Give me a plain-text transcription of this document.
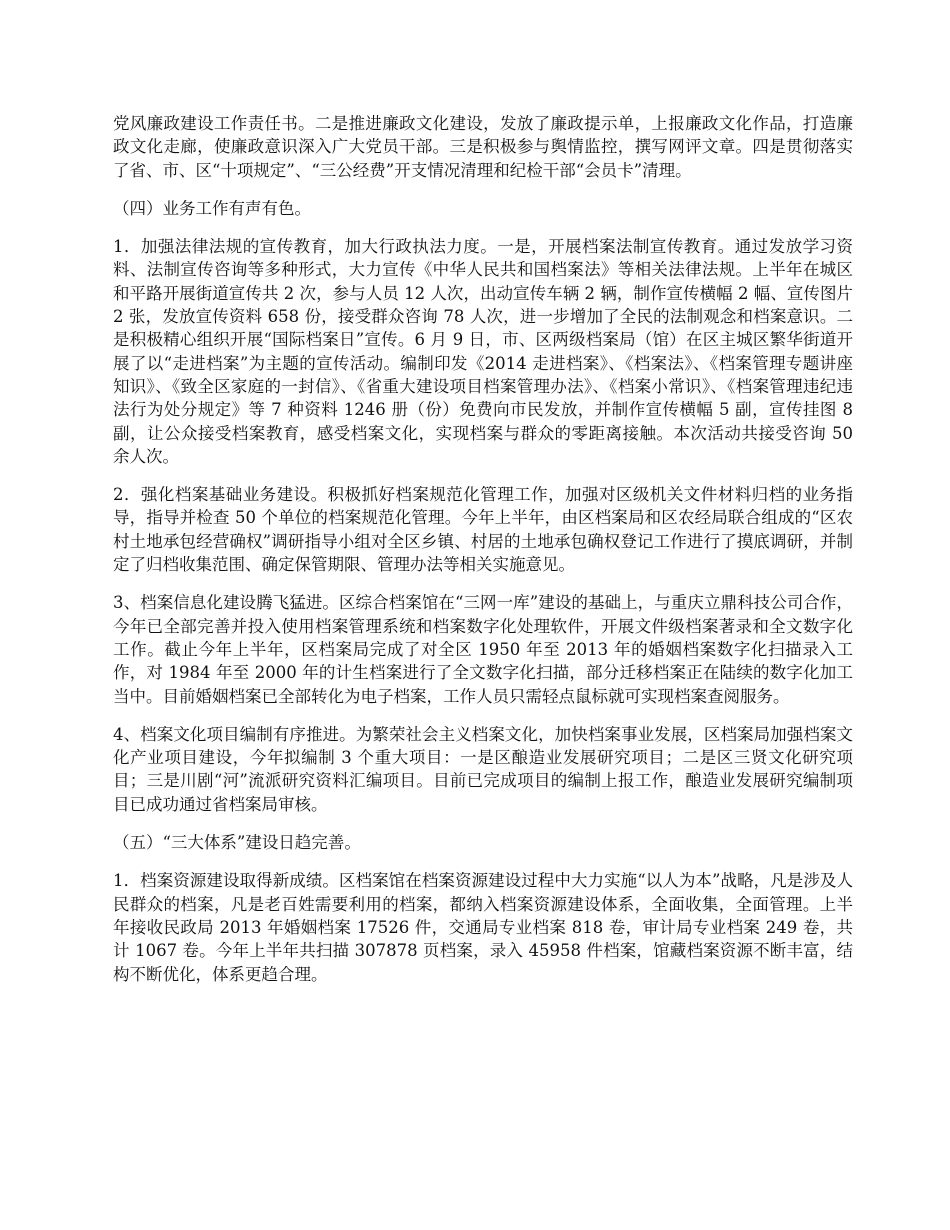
党风廉政建设工作责任书。二是推进廉政文化建设，发放了廉政提示单，上报廉政文化作品，打造廉政文化走廊，使廉政意识深入广大党员干部。三是积极参与舆情监控，撰写网评文章。四是贯彻落实了省、市、区“十项规定”、“三公经费”开支情况清理和纪检干部“会员卡”清理。

（四）业务工作有声有色。

1．加强法律法规的宣传教育，加大行政执法力度。一是，开展档案法制宣传教育。通过发放学习资料、法制宣传咨询等多种形式，大力宣传《中华人民共和国档案法》等相关法律法规。上半年在城区和平路开展街道宣传共 2 次，参与人员 12 人次，出动宣传车辆 2 辆，制作宣传横幅 2 幅、宣传图片 2 张，发放宣传资料 658 份，接受群众咨询 78 人次，进一步增加了全民的法制观念和档案意识。二是积极精心组织开展“国际档案日”宣传。6 月 9 日，市、区两级档案局（馆）在区主城区繁华街道开展了以“走进档案”为主题的宣传活动。编制印发《2014 走进档案》、《档案法》、《档案管理专题讲座知识》、《致全区家庭的一封信》、《省重大建设项目档案管理办法》、《档案小常识》、《档案管理违纪违法行为处分规定》等 7 种资料 1246 册（份）免费向市民发放，并制作宣传横幅 5 副，宣传挂图 8 副，让公众接受档案教育，感受档案文化，实现档案与群众的零距离接触。本次活动共接受咨询 50 余人次。

2．强化档案基础业务建设。积极抓好档案规范化管理工作，加强对区级机关文件材料归档的业务指导，指导并检查 50 个单位的档案规范化管理。今年上半年，由区档案局和区农经局联合组成的“区农村土地承包经营确权”调研指导小组对全区乡镇、村居的土地承包确权登记工作进行了摸底调研，并制定了归档收集范围、确定保管期限、管理办法等相关实施意见。

3、档案信息化建设腾飞猛进。区综合档案馆在“三网一库”建设的基础上，与重庆立鼎科技公司合作，今年已全部完善并投入使用档案管理系统和档案数字化处理软件，开展文件级档案著录和全文数字化工作。截止今年上半年，区档案局完成了对全区 1950 年至 2013 年的婚姻档案数字化扫描录入工作，对 1984 年至 2000 年的计生档案进行了全文数字化扫描，部分迁移档案正在陆续的数字化加工当中。目前婚姻档案已全部转化为电子档案，工作人员只需轻点鼠标就可实现档案查阅服务。

4、档案文化项目编制有序推进。为繁荣社会主义档案文化，加快档案事业发展，区档案局加强档案文化产业项目建设，今年拟编制 3 个重大项目：一是区酿造业发展研究项目；二是区三贤文化研究项目；三是川剧“河”流派研究资料汇编项目。目前已完成项目的编制上报工作，酿造业发展研究编制项目已成功通过省档案局审核。

（五）“三大体系”建设日趋完善。

1．档案资源建设取得新成绩。区档案馆在档案资源建设过程中大力实施“以人为本”战略，凡是涉及人民群众的档案，凡是老百姓需要利用的档案，都纳入档案资源建设体系，全面收集，全面管理。上半年接收民政局 2013 年婚姻档案 17526 件，交通局专业档案 818 卷，审计局专业档案 249 卷，共计 1067 卷。今年上半年共扫描 307878 页档案，录入 45958 件档案，馆藏档案资源不断丰富，结构不断优化，体系更趋合理。
